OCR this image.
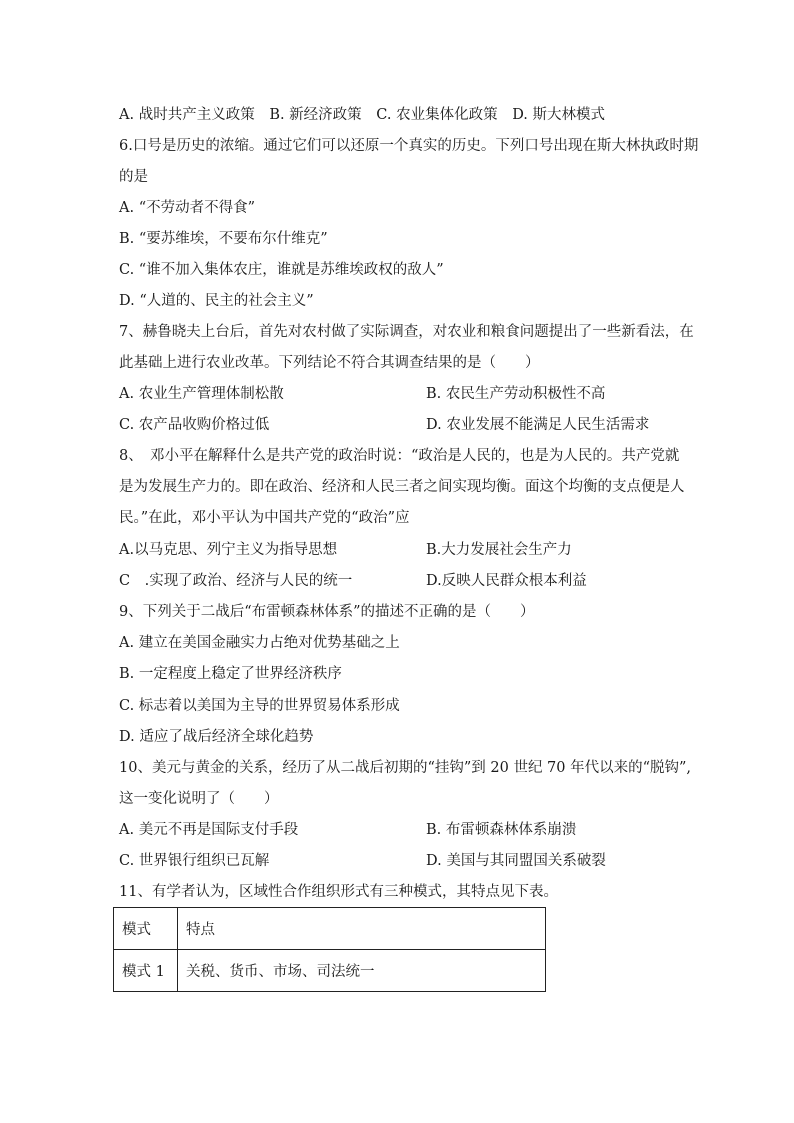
A. 战时共产主义政策 B. 新经济政策 C. 农业集体化政策 D. 斯大林模式
6.口号是历史的浓缩。通过它们可以还原一个真实的历史。下列口号出现在斯大林执政时期
的是
A. “不劳动者不得食”
B. “要苏维埃，不要布尔什维克”
C. “谁不加入集体农庄，谁就是苏维埃政权的敌人”
D. “人道的、民主的社会主义”
7、赫鲁晓夫上台后，首先对农村做了实际调查，对农业和粮食问题提出了一些新看法，在
此基础上进行农业改革。下列结论不符合其调查结果的是（　　）
A. 农业生产管理体制松散	B. 农民生产劳动积极性不高
C. 农产品收购价格过低	D. 农业发展不能满足人民生活需求
8、　邓小平在解释什么是共产党的政治时说：“政治是人民的，也是为人民的。共产党就
是为发展生产力的。即在政治、经济和人民三者之间实现均衡。面这个均衡的支点便是人
民。”在此，邓小平认为中国共产党的“政治”应
A.以马克思、列宁主义为指导思想	B.大力发展社会生产力
C　.实现了政治、经济与人民的统一	D.反映人民群众根本利益
9、下列关于二战后“布雷顿森林体系”的描述不正确的是（　　）
A. 建立在美国金融实力占绝对优势基础之上
B. 一定程度上稳定了世界经济秩序
C. 标志着以美国为主导的世界贸易体系形成
D. 适应了战后经济全球化趋势
10、美元与黄金的关系，经历了从二战后初期的“挂钩”到 20 世纪 70 年代以来的“脱钩”,
这一变化说明了（　　）
A. 美元不再是国际支付手段	B. 布雷顿森林体系崩溃
C. 世界银行组织已瓦解	D. 美国与其同盟国关系破裂
11、有学者认为，区域性合作组织形式有三种模式，其特点见下表。
模式	特点
模式 1	关税、货币、市场、司法统一
